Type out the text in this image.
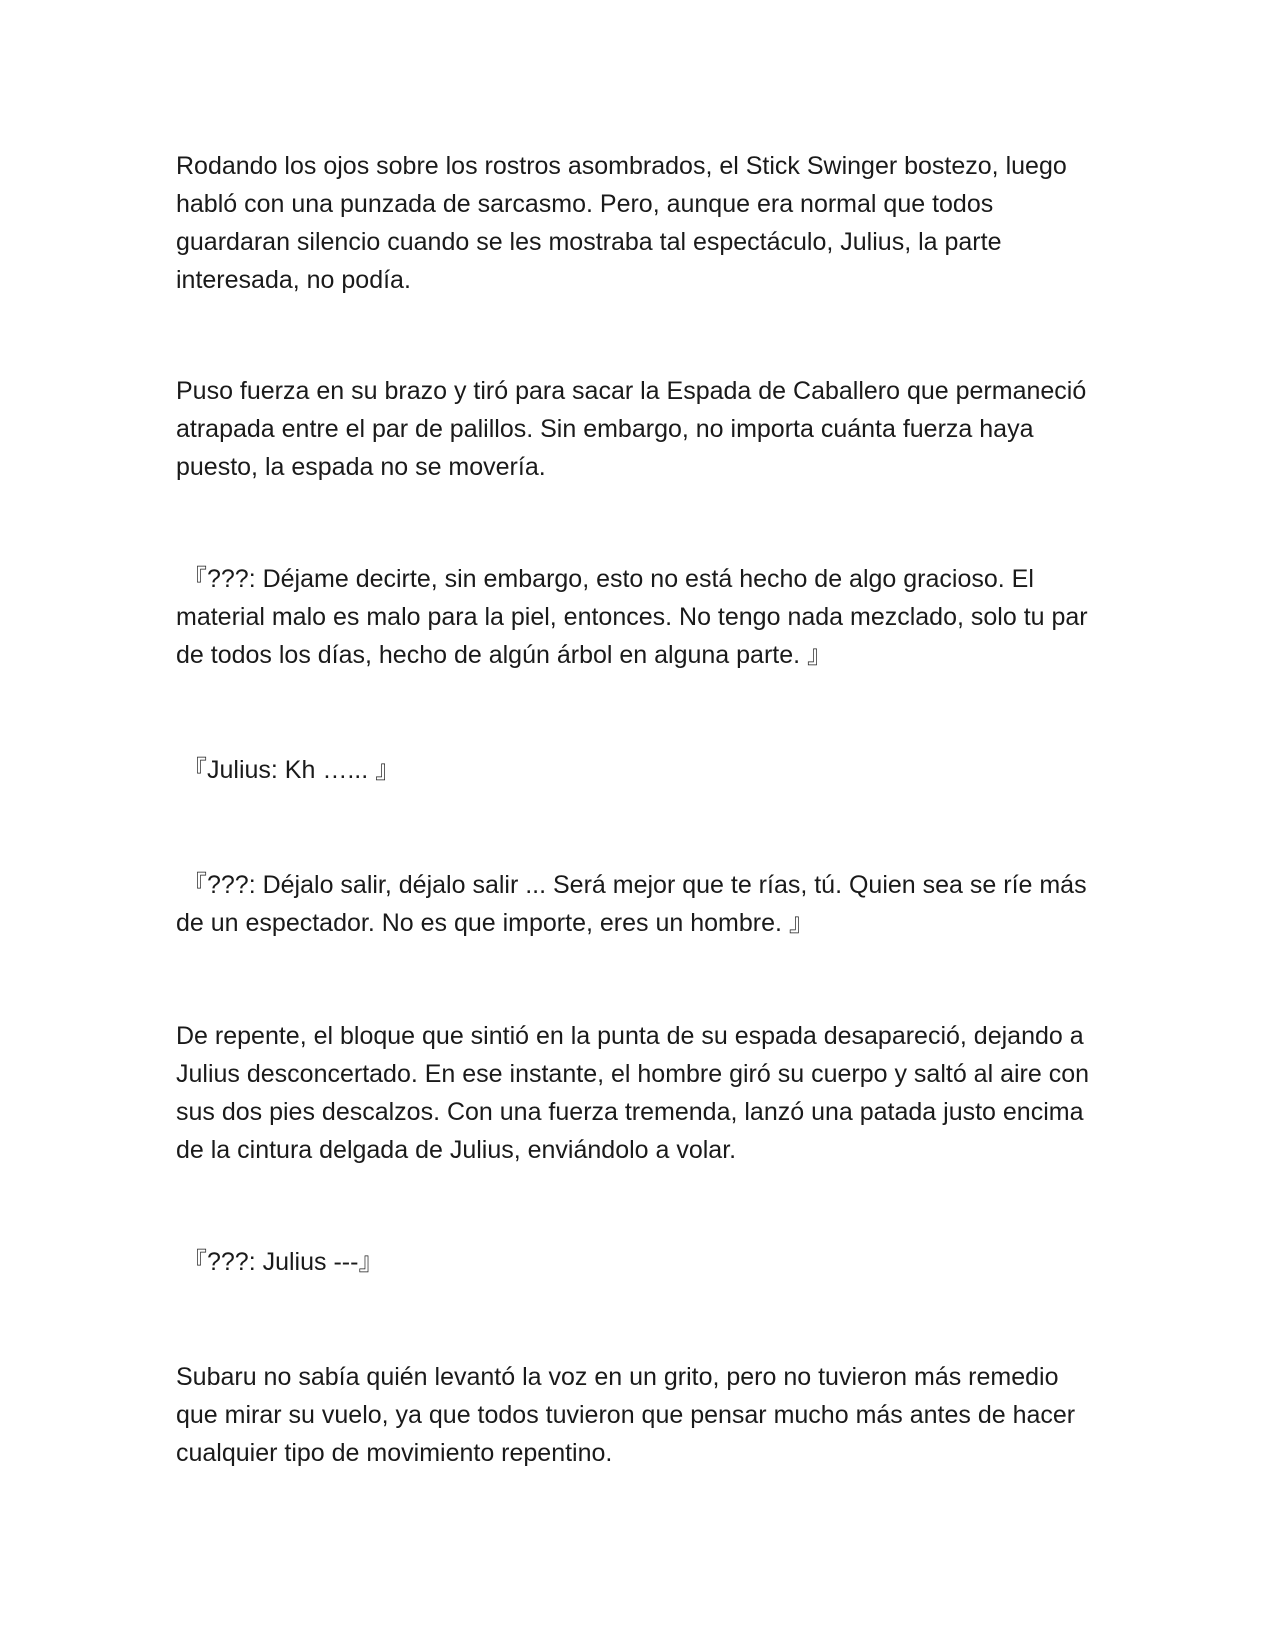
Rodando los ojos sobre los rostros asombrados, el Stick Swinger bostezo, luego habló con una punzada de sarcasmo. Pero, aunque era normal que todos guardaran silencio cuando se les mostraba tal espectáculo, Julius, la parte interesada, no podía.

Puso fuerza en su brazo y tiró para sacar la Espada de Caballero que permaneció atrapada entre el par de palillos. Sin embargo, no importa cuánta fuerza haya puesto, la espada no se movería.

『???: Déjame decirte, sin embargo, esto no está hecho de algo gracioso. El material malo es malo para la piel, entonces. No tengo nada mezclado, solo tu par de todos los días, hecho de algún árbol en alguna parte. 』

『Julius: Kh …... 』

『???: Déjalo salir, déjalo salir ... Será mejor que te rías, tú. Quien sea se ríe más de un espectador. No es que importe, eres un hombre. 』

De repente, el bloque que sintió en la punta de su espada desapareció, dejando a Julius desconcertado. En ese instante, el hombre giró su cuerpo y saltó al aire con sus dos pies descalzos. Con una fuerza tremenda, lanzó una patada justo encima de la cintura delgada de Julius, enviándolo a volar.

『???: Julius ---』

Subaru no sabía quién levantó la voz en un grito, pero no tuvieron más remedio que mirar su vuelo, ya que todos tuvieron que pensar mucho más antes de hacer cualquier tipo de movimiento repentino.
